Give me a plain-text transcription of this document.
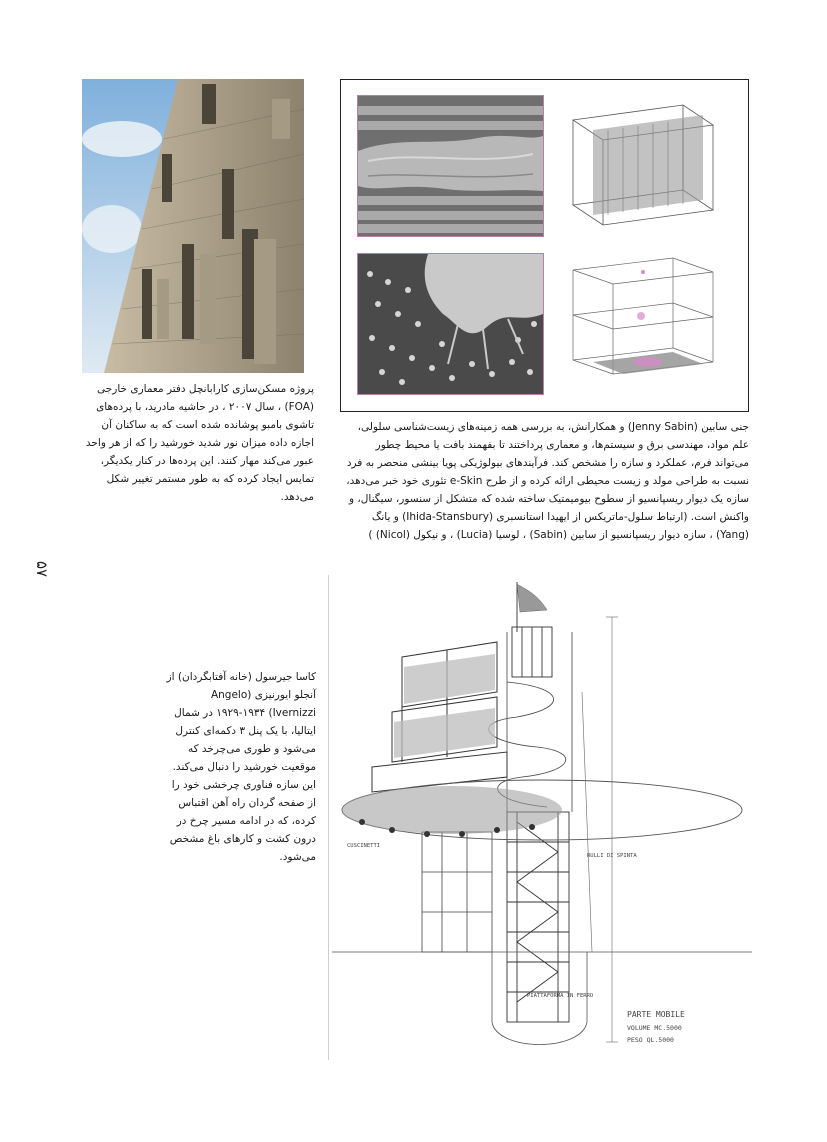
۵۷

پروژه مسکن‌سازی کارابانچل دفتر معماری خارجی (FOA) ، سال ۲۰۰۷ ، در حاشیه مادرید، با پرده‌های تاشوی بامبو پوشانده شده است که به ساکنان آن اجازه داده میزان نور شدید خورشید را که از هر واحد عبور می‌کند مهار کنند. این پرده‌ها در کنار یکدیگر، تمایس ایجاد کرده که به طور مستمر تغییر شکل می‌دهد.

جنی سابین (Jenny Sabin) و همکارانش، به بررسی همه زمینه‌های زیست‌شناسی سلولی، علم مواد، مهندسی برق و سیستم‌ها، و معماری پرداختند تا بفهمند بافت یا محیط چطور می‌تواند فرم، عملکرد و سازه را مشخص کند. فرآیندهای بیولوژیکی پویا بینشی منحصر به فرد نسبت به طراحی مولد و زیست محیطی ارائه کرده و از طرح e-Skin تئوری خود خبر می‌دهد، سازه یک دیوار ریسپانسیو از سطوح بیومیمتیک ساخته شده که متشکل از سنسور، سیگنال، و واکنش است. (ارتباط سلول-ماتریکس از ایهیدا استانسبری (Ihida-Stansbury) و یانگ (Yang) ، سازه دیوار ریسپانسیو از سابین (Sabin) ، لوسیا (Lucia) ، و نیکول (Nicol) )

کاسا جیرسول (خانه آفتابگردان) از آنجلو ایورنیزی (Angelo Ivernizzi) ۱۹۲۹-۱۹۳۴ در شمال ایتالیا، با یک پنل ۳ دکمه‌ای کنترل می‌شود و طوری می‌چرخد که موقعیت خورشید را دنبال می‌کند. این سازه فناوری چرخشی خود را از صفحه گردان راه آهن اقتباس کرده، که در ادامه مسیر چرخ در درون کشت و کارهای باغ مشخص می‌شود.

PARTE MOBILE
VOLUME MC.5000
PESO QL.5000
PIATTAFORMA IN FERRO
CUSCINETTI
RULLI DI SPINTA
